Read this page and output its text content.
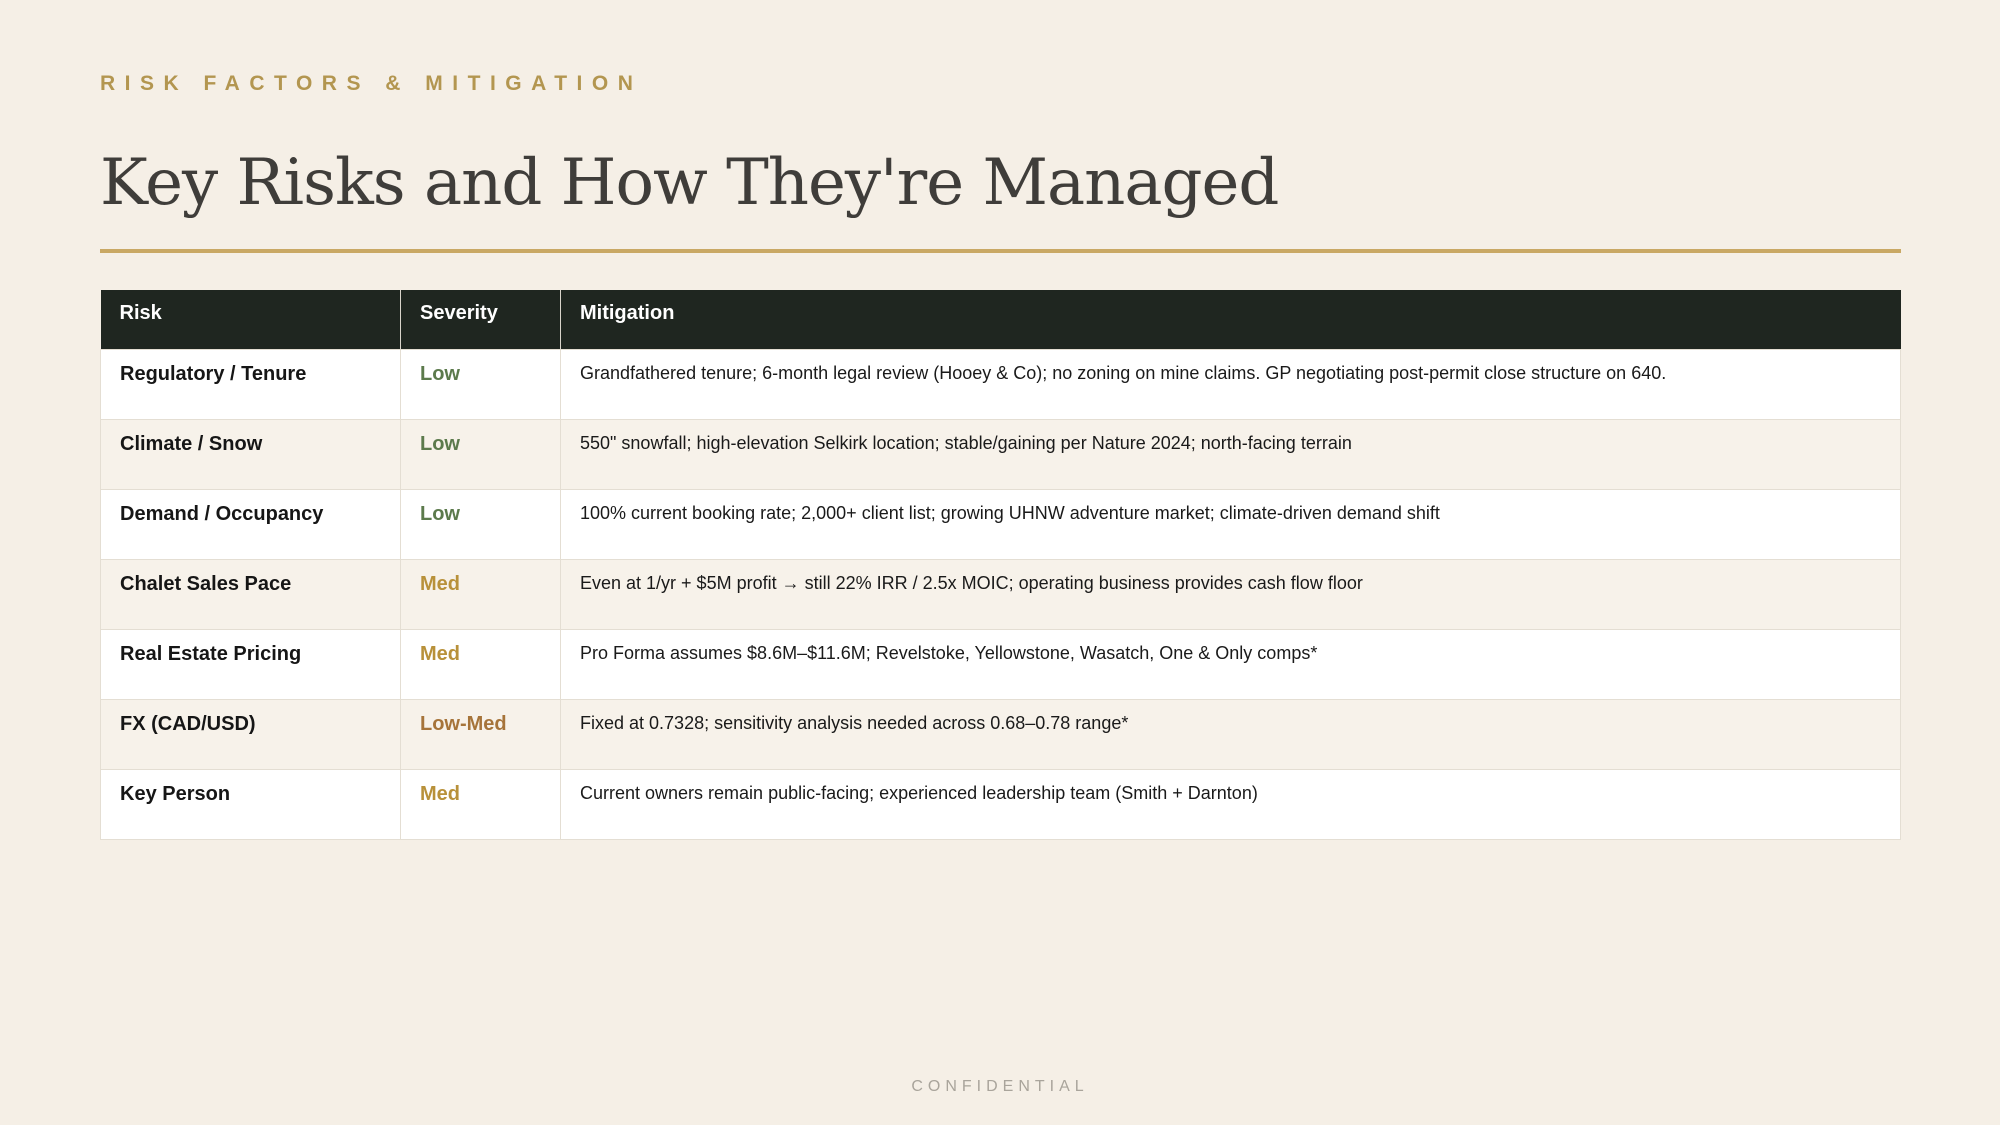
RISK FACTORS & MITIGATION
Key Risks and How They're Managed
Risk	Severity	Mitigation
Regulatory / Tenure	Low	Grandfathered tenure; 6-month legal review (Hooey & Co); no zoning on mine claims. GP negotiating post-permit close structure on 640.
Climate / Snow	Low	550" snowfall; high-elevation Selkirk location; stable/gaining per Nature 2024; north-facing terrain
Demand / Occupancy	Low	100% current booking rate; 2,000+ client list; growing UHNW adventure market; climate-driven demand shift
Chalet Sales Pace	Med	Even at 1/yr + $5M profit → still 22% IRR / 2.5x MOIC; operating business provides cash flow floor
Real Estate Pricing	Med	Pro Forma assumes $8.6M–$11.6M; Revelstoke, Yellowstone, Wasatch, One & Only comps*
FX (CAD/USD)	Low-Med	Fixed at 0.7328; sensitivity analysis needed across 0.68–0.78 range*
Key Person	Med	Current owners remain public-facing; experienced leadership team (Smith + Darnton)
CONFIDENTIAL
